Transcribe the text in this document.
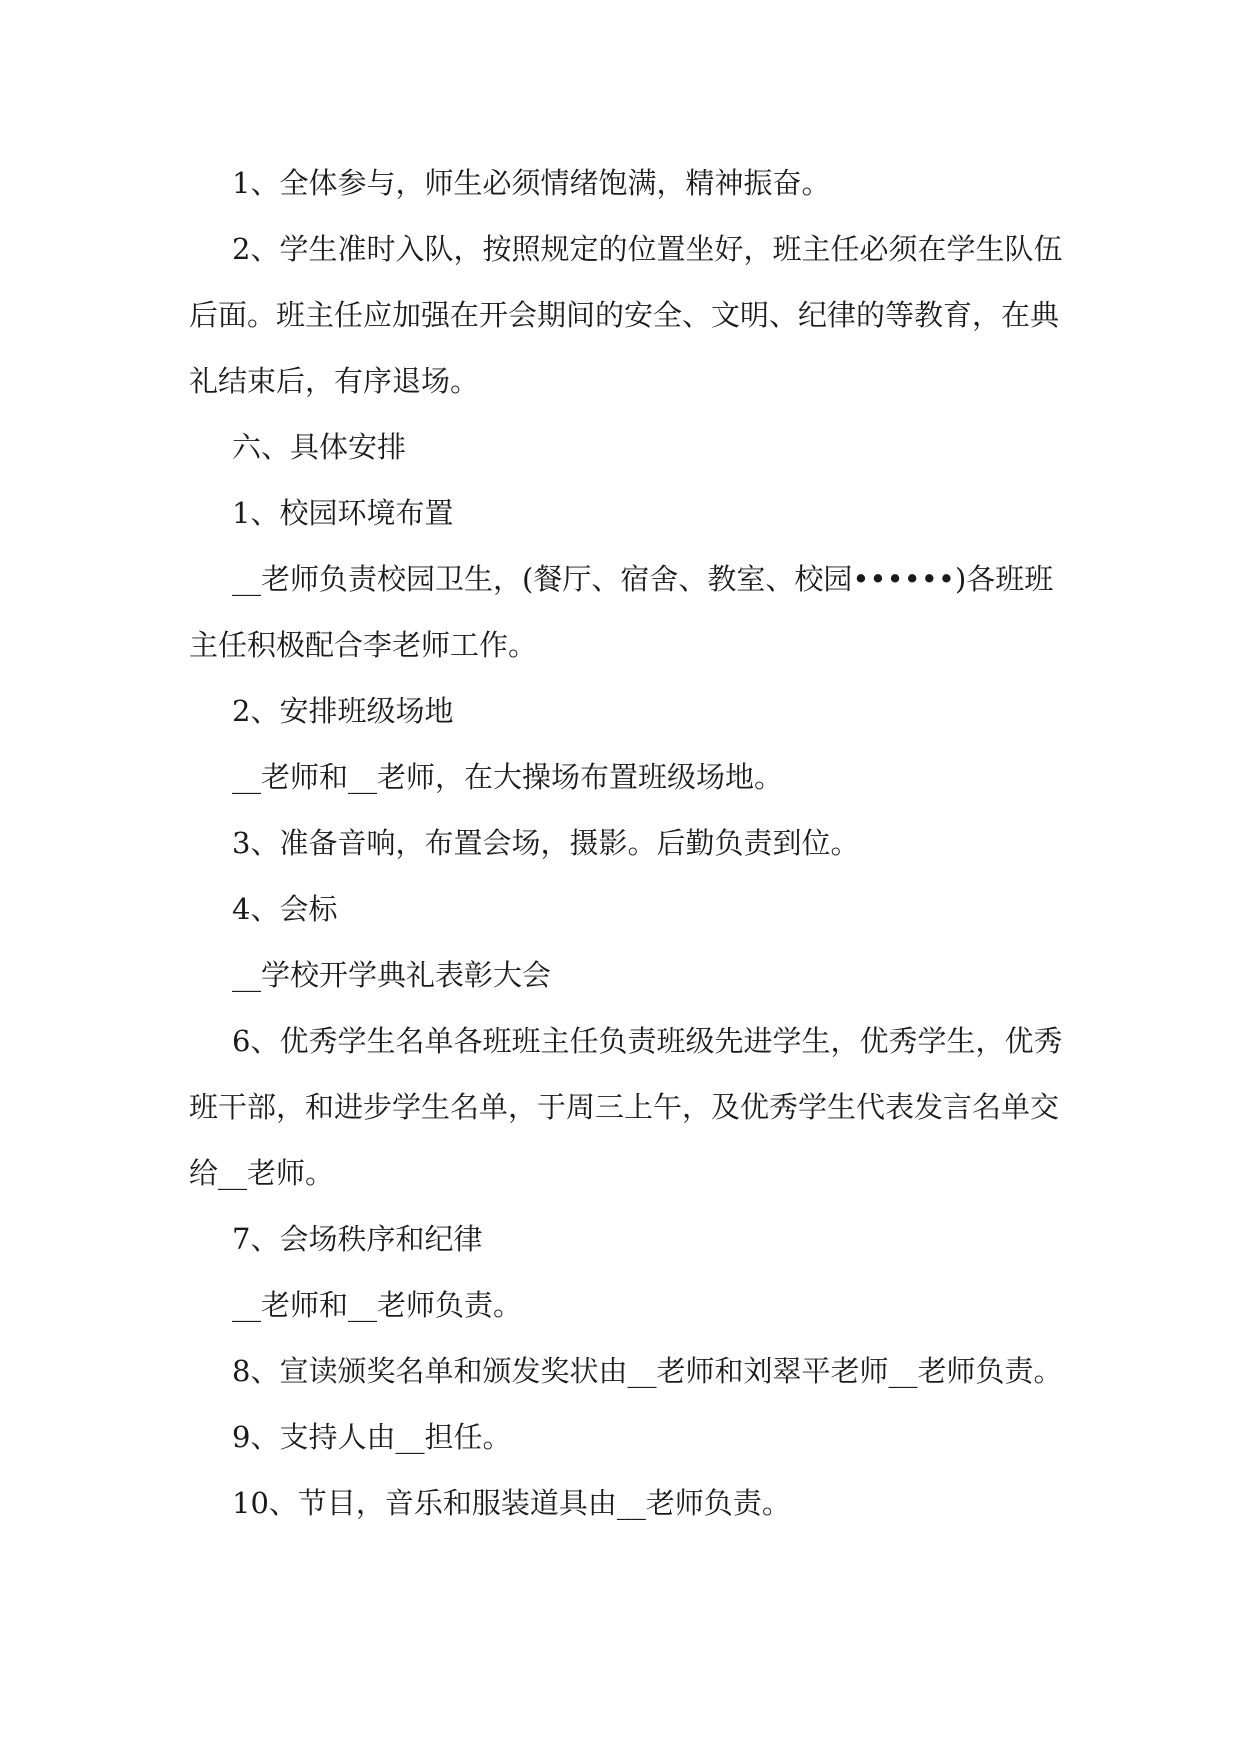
1、全体参与，师生必须情绪饱满，精神振奋。

2、学生准时入队，按照规定的位置坐好，班主任必须在学生队伍后面。班主任应加强在开会期间的安全、文明、纪律的等教育，在典礼结束后，有序退场。

六、具体安排

1、校园环境布置

__老师负责校园卫生，(餐厅、宿舍、教室、校园••••••)各班班主任积极配合李老师工作。

2、安排班级场地

__老师和__老师，在大操场布置班级场地。

3、准备音响，布置会场，摄影。后勤负责到位。

4、会标

__学校开学典礼表彰大会

6、优秀学生名单各班班主任负责班级先进学生，优秀学生，优秀班干部，和进步学生名单，于周三上午，及优秀学生代表发言名单交给__老师。

7、会场秩序和纪律

__老师和__老师负责。

8、宣读颁奖名单和颁发奖状由__老师和刘翠平老师__老师负责。

9、支持人由__担任。

10、节目，音乐和服装道具由__老师负责。
